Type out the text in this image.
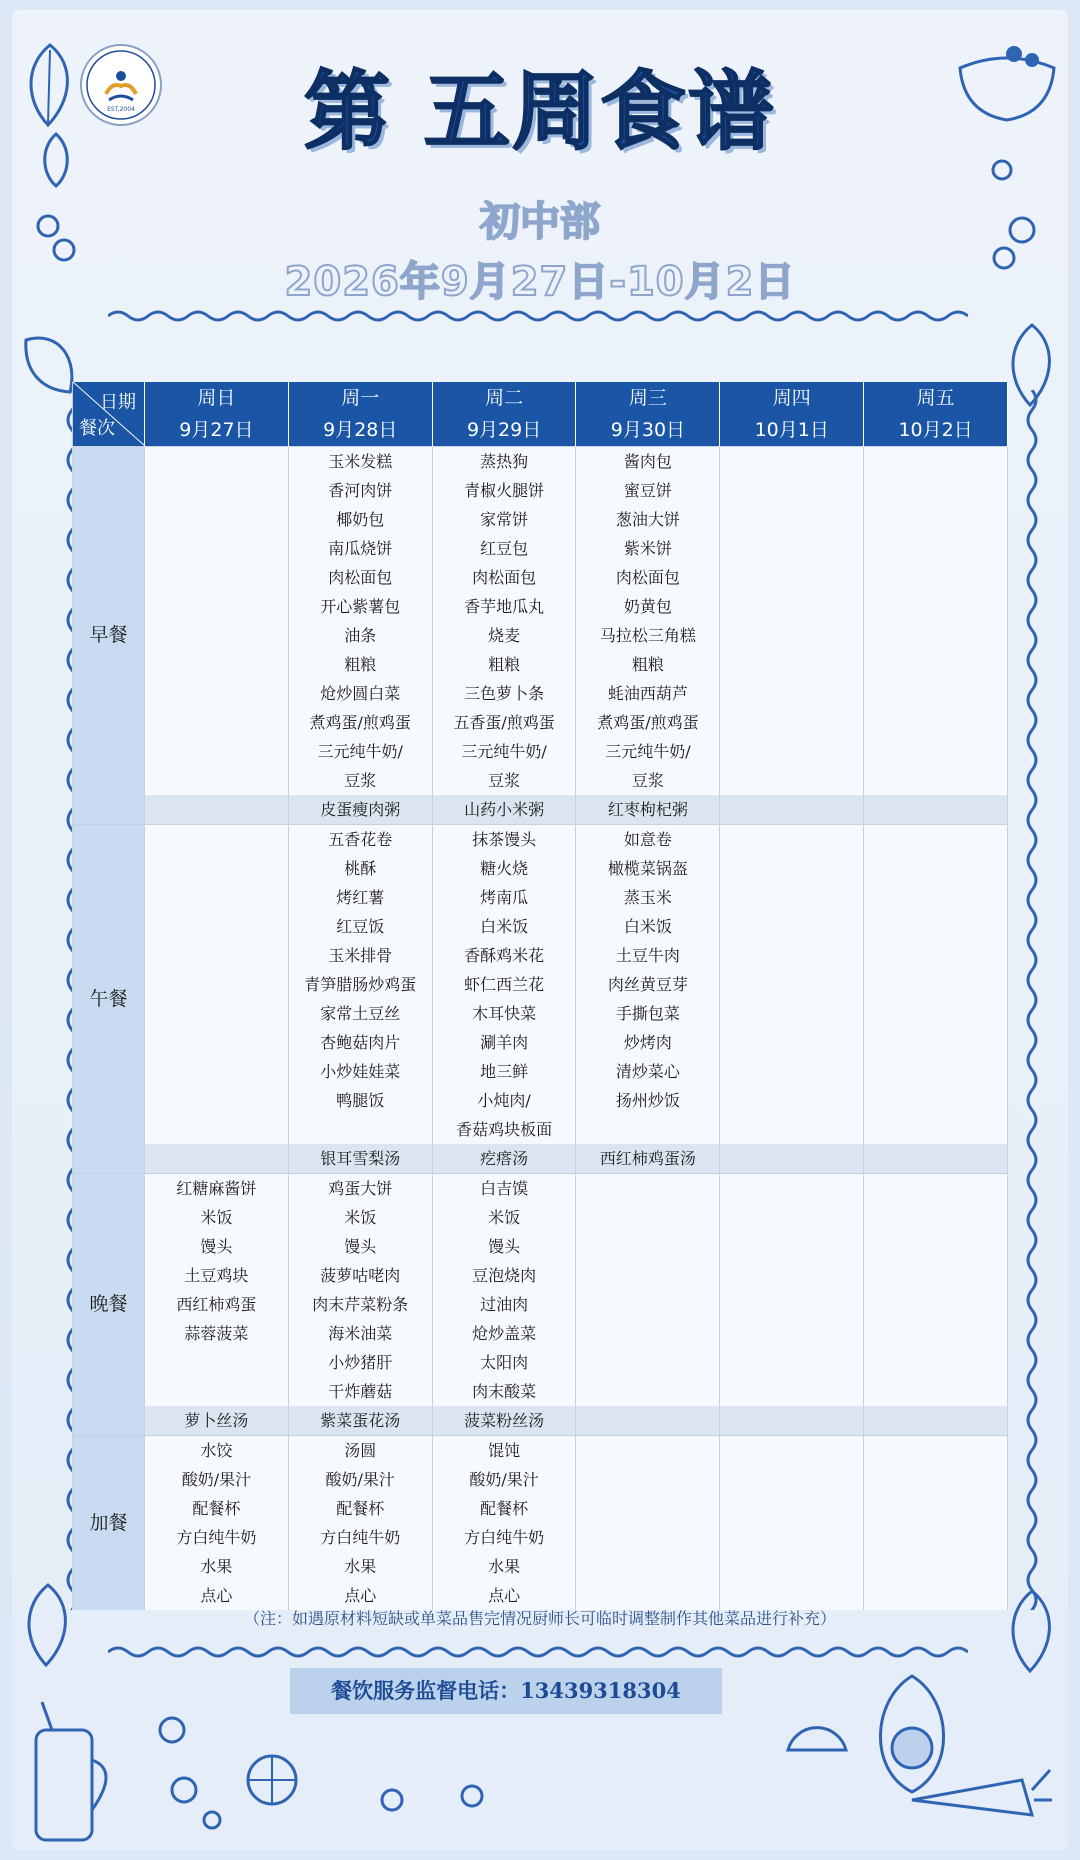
EST.2004	第 五周食谱
初中部
2026年9月27日-10月2日
日期
餐次	周日	周一	周二	周三	周四	周五
	9月27日	9月28日	9月29日	9月30日	10月1日	10月2日
早餐		玉米发糕	蒸热狗	酱肉包		
		香河肉饼	青椒火腿饼	蜜豆饼		
		椰奶包	家常饼	葱油大饼		
		南瓜烧饼	红豆包	紫米饼		
		肉松面包	肉松面包	肉松面包		
		开心紫薯包	香芋地瓜丸	奶黄包		
		油条	烧麦	马拉松三角糕		
		粗粮	粗粮	粗粮		
		炝炒圆白菜	三色萝卜条	蚝油西葫芦		
		煮鸡蛋/煎鸡蛋	五香蛋/煎鸡蛋	煮鸡蛋/煎鸡蛋		
		三元纯牛奶/	三元纯牛奶/	三元纯牛奶/		
		豆浆	豆浆	豆浆		
		皮蛋瘦肉粥	山药小米粥	红枣枸杞粥		
午餐		五香花卷	抹茶馒头	如意卷		
		桃酥	糖火烧	橄榄菜锅盔		
		烤红薯	烤南瓜	蒸玉米		
		红豆饭	白米饭	白米饭		
		玉米排骨	香酥鸡米花	土豆牛肉		
		青笋腊肠炒鸡蛋	虾仁西兰花	肉丝黄豆芽		
		家常土豆丝	木耳快菜	手撕包菜		
		杏鲍菇肉片	涮羊肉	炒烤肉		
		小炒娃娃菜	地三鲜	清炒菜心		
		鸭腿饭	小炖肉/	扬州炒饭		
			香菇鸡块板面			
		银耳雪梨汤	疙瘩汤	西红柿鸡蛋汤		
晚餐	红糖麻酱饼	鸡蛋大饼	白吉馍			
	米饭	米饭	米饭			
	馒头	馒头	馒头			
	土豆鸡块	菠萝咕咾肉	豆泡烧肉			
	西红柿鸡蛋	肉末芹菜粉条	过油肉			
	蒜蓉菠菜	海米油菜	炝炒盖菜			
		小炒猪肝	太阳肉			
		干炸蘑菇	肉末酸菜			
	萝卜丝汤	紫菜蛋花汤	菠菜粉丝汤			
加餐	水饺	汤圆	馄饨			
	酸奶/果汁	酸奶/果汁	酸奶/果汁			
	配餐杯	配餐杯	配餐杯			
	方白纯牛奶	方白纯牛奶	方白纯牛奶			
	水果	水果	水果			
	点心	点心	点心			
（注：如遇原材料短缺或单菜品售完情况厨师长可临时调整制作其他菜品进行补充）
餐饮服务监督电话：13439318304
